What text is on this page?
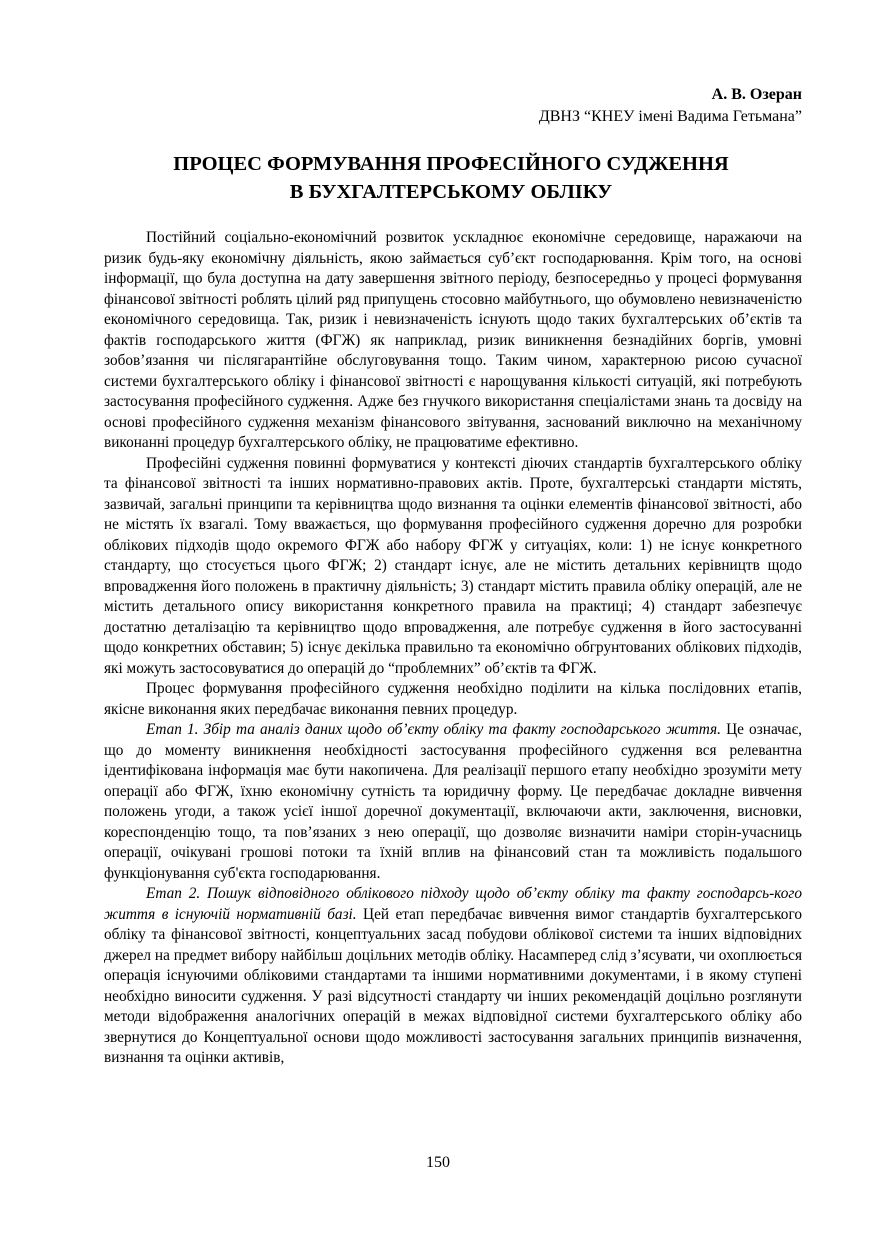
А. В. Озеран
ДВНЗ “КНЕУ імені Вадима Гетьмана”
ПРОЦЕС ФОРМУВАННЯ ПРОФЕСІЙНОГО СУДЖЕННЯ
В БУХГАЛТЕРСЬКОМУ ОБЛІКУ

Постійний соціально-економічний розвиток ускладнює економічне середовище, наражаючи на ризик будь-яку економічну діяльність, якою займається суб’єкт господарювання. Крім того, на основі інформації, що була доступна на дату завершення звітного періоду, безпосередньо у процесі формування фінансової звітності роблять цілий ряд припущень стосовно майбутнього, що обумовлено невизначеністю економічного середовища. Так, ризик і невизначеність існують щодо таких бухгалтерських об’єктів та фактів господарського життя (ФГЖ) як наприклад, ризик виникнення безнадійних боргів, умовні зобов’язання чи післягарантійне обслуговування тощо. Таким чином, характерною рисою сучасної системи бухгалтерського обліку і фінансової звітності є нарощування кількості ситуацій, які потребують застосування професійного судження. Адже без гнучкого використання спеціалістами знань та досвіду на основі професійного судження механізм фінансового звітування, заснований виключно на механічному виконанні процедур бухгалтерського обліку, не працюватиме ефективно.

Професійні судження повинні формуватися у контексті діючих стандартів бухгалтерського обліку та фінансової звітності та інших нормативно-правових актів. Проте, бухгалтерські стандарти містять, зазвичай, загальні принципи та керівництва щодо визнання та оцінки елементів фінансової звітності, або не містять їх взагалі. Тому вважається, що формування професійного судження доречно для розробки облікових підходів щодо окремого ФГЖ або набору ФГЖ у ситуаціях, коли: 1) не існує конкретного стандарту, що стосується цього ФГЖ; 2) стандарт існує, але не містить детальних керівництв щодо впровадження його положень в практичну діяльність; 3) стандарт містить правила обліку операцій, але не містить детального опису використання конкретного правила на практиці; 4) стандарт забезпечує достатню деталізацію та керівництво щодо впровадження, але потребує судження в його застосуванні щодо конкретних обставин; 5) існує декілька правильно та економічно обгрунтованих облікових підходів, які можуть застосовуватися до операцій до “проблемних” об’єктів та ФГЖ.

Процес формування професійного судження необхідно поділити на кілька послідовних етапів, якісне виконання яких передбачає виконання певних процедур.

Етап 1. Збір та аналіз даних щодо об’єкту обліку та факту господарського життя. Це означає, що до моменту виникнення необхідності застосування професійного судження вся релевантна ідентифікована інформація має бути накопичена. Для реалізації першого етапу необхідно зрозуміти мету операції або ФГЖ, їхню економічну сутність та юридичну форму. Це передбачає докладне вивчення положень угоди, а також усієї іншої доречної документації, включаючи акти, заключення, висновки, кореспонденцію тощо, та пов’язаних з нею операції, що дозволяє визначити наміри сторін-учасниць операції, очікувані грошові потоки та їхній вплив на фінансовий стан та можливість подальшого функціонування суб'єкта господарювання.

Етап 2. Пошук відповідного облікового підходу щодо об’єкту обліку та факту господарсь-кого життя в існуючій нормативній базі. Цей етап передбачає вивчення вимог стандартів бухгалтерського обліку та фінансової звітності, концептуальних засад побудови облікової системи та інших відповідних джерел на предмет вибору найбільш доцільних методів обліку. Насамперед слід з’ясувати, чи охоплюється операція існуючими обліковими стандартами та іншими нормативними документами, і в якому ступені необхідно виносити судження. У разі відсутності стандарту чи інших рекомендацій доцільно розглянути методи відображення аналогічних операцій в межах відповідної системи бухгалтерського обліку або звернутися до Концептуальної основи щодо можливості застосування загальних принципів визначення, визнання та оцінки активів,

150
